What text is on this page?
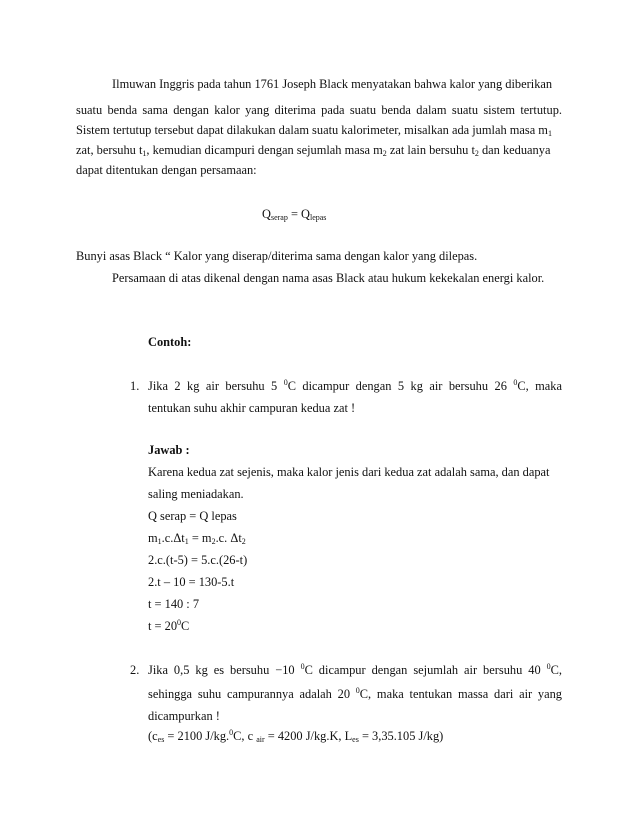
Ilmuwan Inggris pada tahun 1761 Joseph Black menyatakan bahwa kalor yang diberikan
suatu benda sama dengan kalor yang diterima pada suatu benda dalam suatu sistem tertutup.
Sistem tertutup tersebut dapat dilakukan dalam suatu kalorimeter, misalkan ada jumlah masa $m_1$
zat, bersuhu $t_1$, kemudian dicampuri dengan sejumlah masa $m_2$ zat lain bersuhu $t_2$ dan keduanya
dapat ditentukan dengan persamaan:
$Q_{serap} = Q_{lepas}$
Bunyi asas Black “ Kalor yang diserap/diterima sama dengan kalor yang dilepas.
Persamaan di atas dikenal dengan nama asas Black atau hukum kekekalan energi kalor.
Contoh:
1. Jika 2 kg air bersuhu 5 $^0$C dicampur dengan 5 kg air bersuhu 26 $^0$C, maka
tentukan suhu akhir campuran kedua zat !
Jawab :
Karena kedua zat sejenis, maka kalor jenis dari kedua zat adalah sama, dan dapat
saling meniadakan.
Q serap = Q lepas
$m_1.c.\Delta t_1 = m_2.c$. $\Delta t_2$
2.c.(t-5) = 5.c.(26-t)
2.t – 10 = 130-5.t
t = 140 : 7
$t = 20^0C$
2. Jika 0,5 kg es bersuhu −10 $^0$C dicampur dengan sejumlah air bersuhu 40 $^0$C,
sehingga suhu campurannya adalah 20 $^0$C, maka tentukan massa dari air yang
dicampurkan !
($c_{es} = 2100$ J/kg.$^0$C, c $_{air}$ = 4200 J/kg.K, $L_{es} = 3,35.105$ J/kg)
